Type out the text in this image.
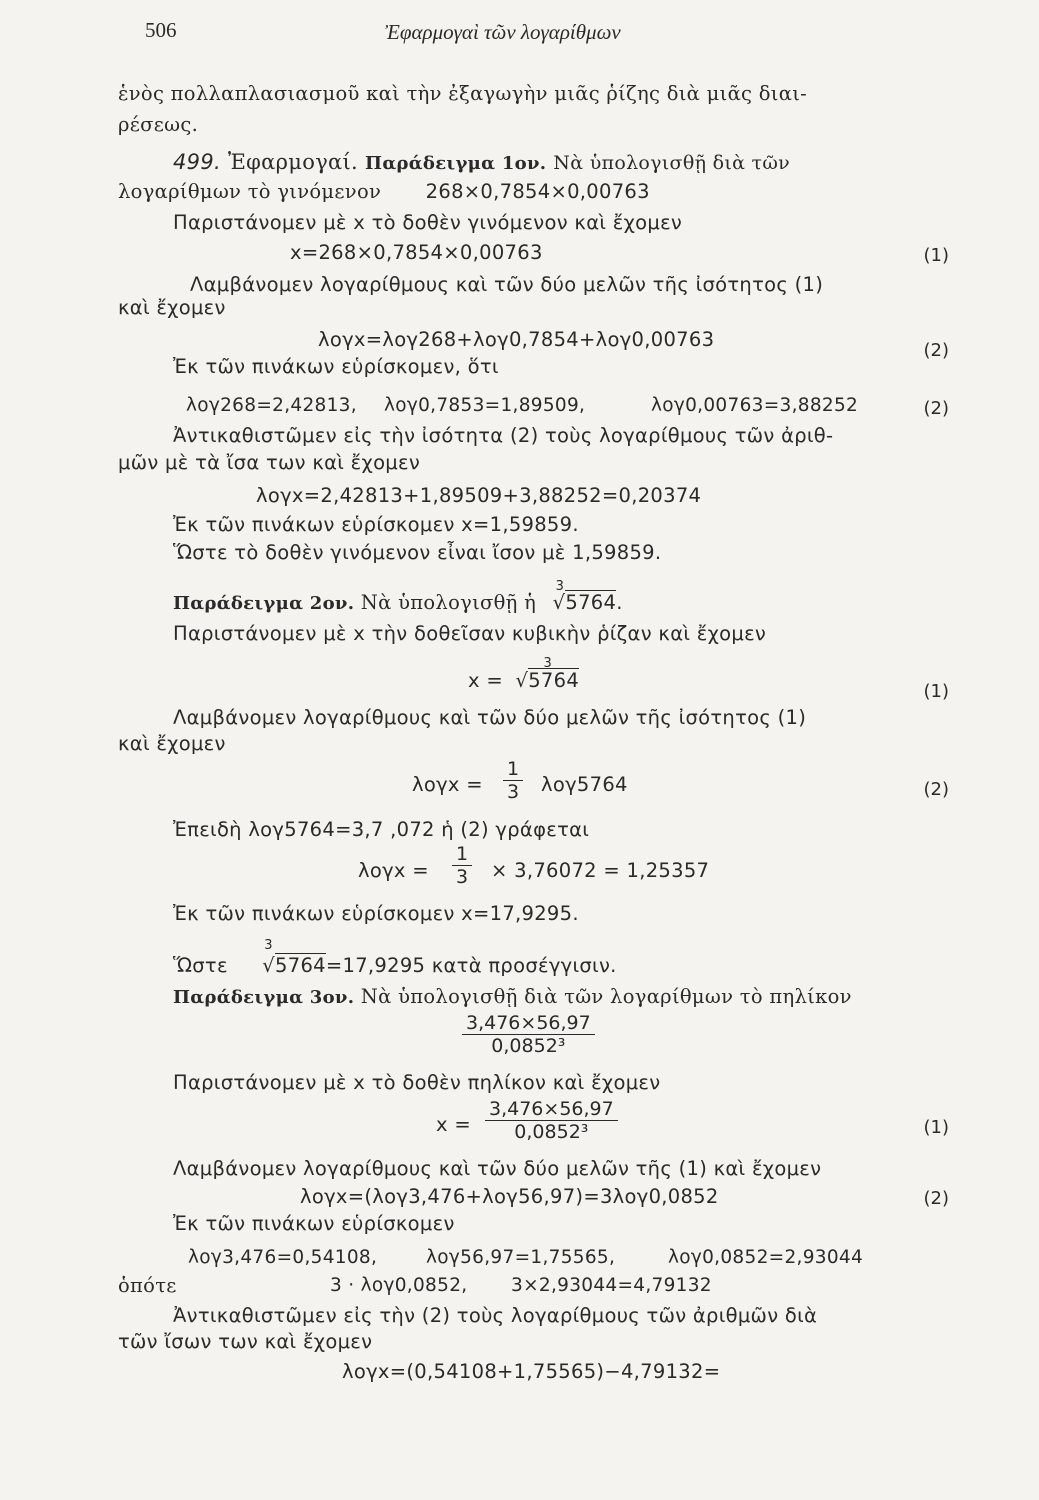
506	Ἐφαρμογαὶ τῶν λογαρίθμων
ἑνὸς πολλαπλασιασμοῦ καὶ τὴν ἐξαγωγὴν μιᾶς ῥίζης διὰ μιᾶς διαι-
ρέσεως.
499. Ἐφαρμογαί. Παράδειγμα 1ον. Νὰ ὑπολογισθῇ διὰ τῶν
λογαρίθμων τὸ γινόμενον 268×0,7854×0,00763
Παριστάνομεν μὲ x τὸ δοθὲν γινόμενον καὶ ἔχομεν
x=268×0,7854×0,00763	(1)
Λαμβάνομεν λογαρίθμους καὶ τῶν δύο μελῶν τῆς ἰσότητος (1)
καὶ ἔχομεν
λογx=λογ268+λογ0,7854+λογ0,00763	(2)
Ἐκ τῶν πινάκων εὑρίσκομεν, ὅτι
λογ268=2,42813, λογ0,7853=1,89509,	λογ0,00763=3,88252	(2)
Ἀντικαθιστῶμεν εἰς τὴν ἰσότητα (2) τοὺς λογαρίθμους τῶν ἀριθ-
μῶν μὲ τὰ ἴσα των καὶ ἔχομεν
λογx=2,42813+1,89509+3,88252=0,20374
Ἐκ τῶν πινάκων εὑρίσκομεν x=1,59859.
Ὥστε τὸ δοθὲν γινόμενον εἶναι ἴσον μὲ 1,59859.
Παράδειγμα 2ον. Νὰ ὑπολογισθῇ ἡ
3
√5764.
Παριστάνομεν μὲ x τὴν δοθεῖσαν κυβικὴν ῥίζαν καὶ ἔχομεν
x =
3
√5764	(1)
Λαμβάνομεν λογαρίθμους καὶ τῶν δύο μελῶν τῆς ἰσότητος (1)
καὶ ἔχομεν
$\lambda o\gamma x = \frac{1}{3} \lambda o\gamma 5764$	(2)
Ἐπειδὴ λογ5764=3,7 ,072 ἡ (2) γράφεται
$\lambda o\gamma x = \frac{1}{3} \times 3,76072 = 1,25357$
Ἐκ τῶν πινάκων εὑρίσκομεν x=17,9295.
Ὥστε
3
√5764=17,9295 κατὰ προσέγγισιν.
Παράδειγμα 3ον. Νὰ ὑπολογισθῇ διὰ τῶν λογαρίθμων τὸ πηλίκον
$\frac{3,476\times 56,97}{\text{0,0852³}}$
Παριστάνομεν μὲ x τὸ δοθὲν πηλίκον καὶ ἔχομεν
$x = \frac{3,476\times 56,97}{\text{0,0852³}}$	(1)
Λαμβάνομεν λογαρίθμους καὶ τῶν δύο μελῶν τῆς (1) καὶ ἔχομεν
λογx=(λογ3,476+λογ56,97)=3λογ0,0852	(2)
Ἐκ τῶν πινάκων εὑρίσκομεν
λογ3,476=0,54108,	λογ56,97=1,75565,	λογ0,0852=2,93044
ὁπότε	3 · λογ0,0852, 3×2,93044=4,79132
Ἀντικαθιστῶμεν εἰς τὴν (2) τοὺς λογαρίθμους τῶν ἀριθμῶν διὰ
τῶν ἴσων των καὶ ἔχομεν
λογx=(0,54108+1,75565)−4,79132=
